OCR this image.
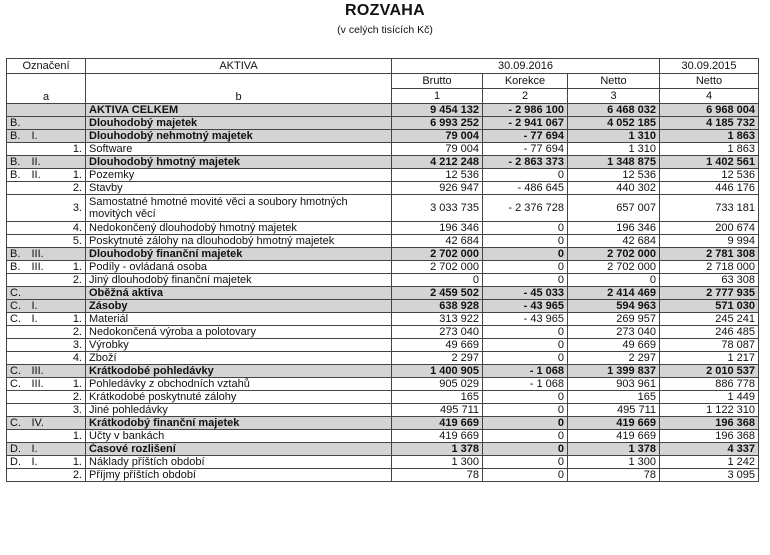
ROZVAHA
(v celých tisících Kč)
Označení			AKTIVA	30.09.2016			30.09.2015
a			b	Brutto	Korekce	Netto	Netto
				1	2	3	4
			AKTIVA CELKEM	9 454 132	- 2 986 100	6 468 032	6 968 004
B.			Dlouhodobý majetek	6 993 252	- 2 941 067	4 052 185	4 185 732
B.	I.		Dlouhodobý nehmotný majetek	79 004	- 77 694	1 310	1 863
		1.	Software	79 004	- 77 694	1 310	1 863
B.	II.		Dlouhodobý hmotný majetek	4 212 248	- 2 863 373	1 348 875	1 402 561
B.	II.	1.	Pozemky	12 536	0	12 536	12 536
		2.	Stavby	926 947	- 486 645	440 302	446 176
		3.	Samostatné hmotné movité věci a soubory hmotných movitých věcí	3 033 735	- 2 376 728	657 007	733 181
		4.	Nedokončený dlouhodobý hmotný majetek	196 346	0	196 346	200 674
		5.	Poskytnuté zálohy na dlouhodobý hmotný majetek	42 684	0	42 684	9 994
B.	III.		Dlouhodobý finanční majetek	2 702 000	0	2 702 000	2 781 308
B.	III.	1.	Podíly - ovládaná osoba	2 702 000	0	2 702 000	2 718 000
		2.	Jiný dlouhodobý finanční majetek	0	0	0	63 308
C.			Oběžná aktiva	2 459 502	- 45 033	2 414 469	2 777 935
C.	I.		Zásoby	638 928	- 43 965	594 963	571 030
C.	I.	1.	Materiál	313 922	- 43 965	269 957	245 241
		2.	Nedokončená výroba a polotovary	273 040	0	273 040	246 485
		3.	Výrobky	49 669	0	49 669	78 087
		4.	Zboží	2 297	0	2 297	1 217
C.	III.		Krátkodobé pohledávky	1 400 905	- 1 068	1 399 837	2 010 537
C.	III.	1.	Pohledávky z obchodních vztahů	905 029	- 1 068	903 961	886 778
		2.	Krátkodobé poskytnuté zálohy	165	0	165	1 449
		3.	Jiné pohledávky	495 711	0	495 711	1 122 310
C.	IV.		Krátkodobý finanční majetek	419 669	0	419 669	196 368
		1.	Účty v bankách	419 669	0	419 669	196 368
D.	I.		Časové rozlišení	1 378	0	1 378	4 337
D.	I.	1.	Náklady příštích období	1 300	0	1 300	1 242
		2.	Příjmy příštích období	78	0	78	3 095
